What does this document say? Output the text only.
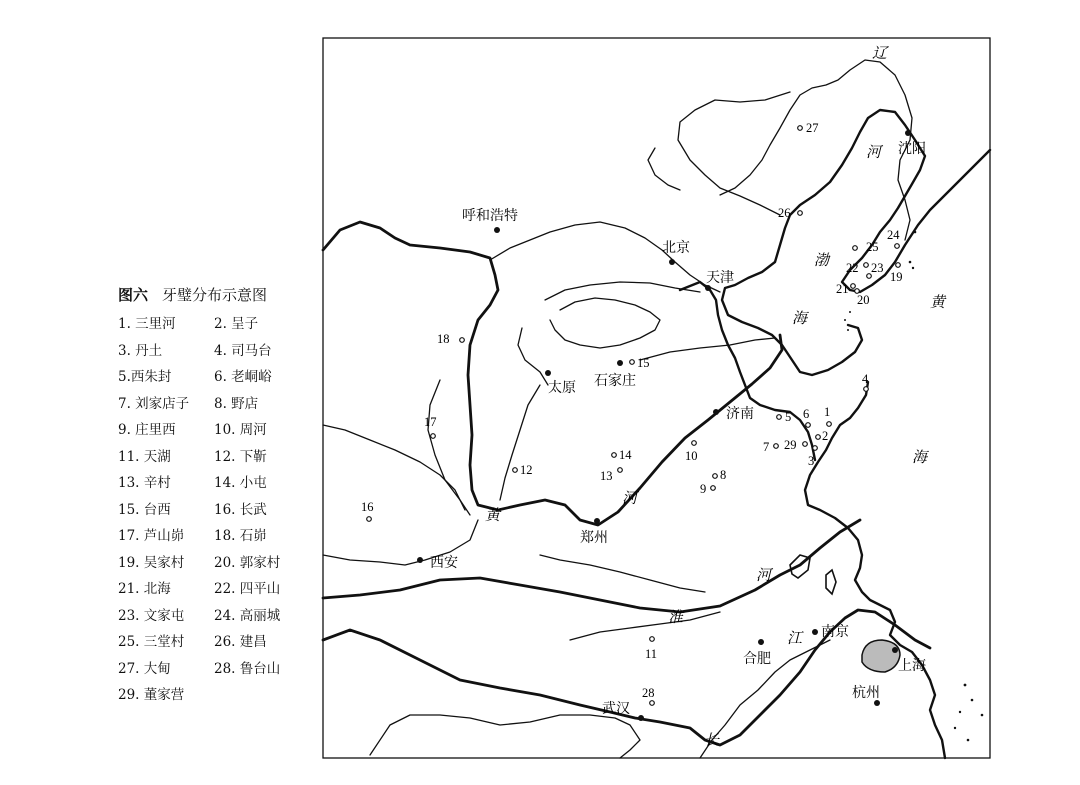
图六 牙璧分布示意图
1. 三里河	2. 呈子
3. 丹土	4. 司马台
5.西朱封	6. 老峒峪
7. 刘家店子 8. 野店
9. 庄里西	10. 周河
11. 天湖	12. 下靳
13. 辛村	14. 小屯
15. 台西	16. 长武
17. 芦山峁 18. 石峁
19. 吴家村 20. 郭家村
21. 北海	22. 四平山
23. 文家屯 24. 高丽城
25. 三堂村 26. 建昌
27. 大甸	28. 鲁台山
29. 董家营
呼和浩特
北京
天津
沈阳
太原 石家庄
济南
郑州
西安
合肥
南京
上海
杭州
武汉
辽
河
渤
海
黄
海
黄
河
淮
河
长
江
1
2
3
4
5 6
7
8
9
10
11
12	13
14
15
16
17
18
19
20
21
22 23
24
25
26
27
28
29
